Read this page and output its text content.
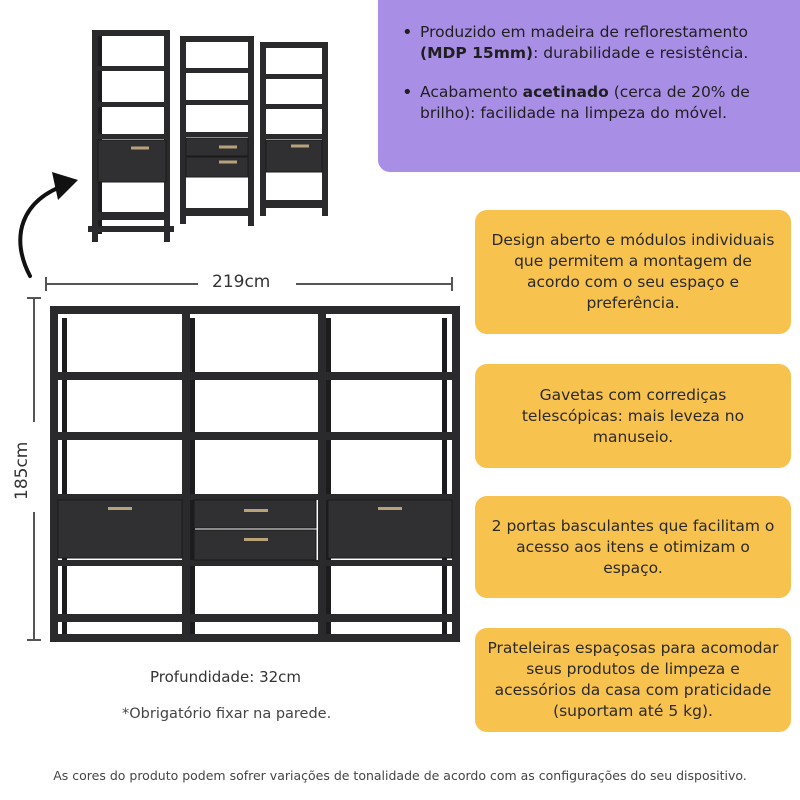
• Produzido em madeira de reflorestamento (MDP 15mm): durabilidade e resistência.
• Acabamento acetinado (cerca de 20% de brilho): facilidade na limpeza do móvel.
Design aberto e módulos individuais que permitem a montagem de acordo com o seu espaço e preferência.
Gavetas com corrediças telescópicas: mais leveza no manuseio.
2 portas basculantes que facilitam o acesso aos itens e otimizam o espaço.
Prateleiras espaçosas para acomodar seus produtos de limpeza e acessórios da casa com praticidade (suportam até 5 kg).
219cm
185cm
Profundidade: 32cm
*Obrigatório fixar na parede.
As cores do produto podem sofrer variações de tonalidade de acordo com as configurações do seu dispositivo.
